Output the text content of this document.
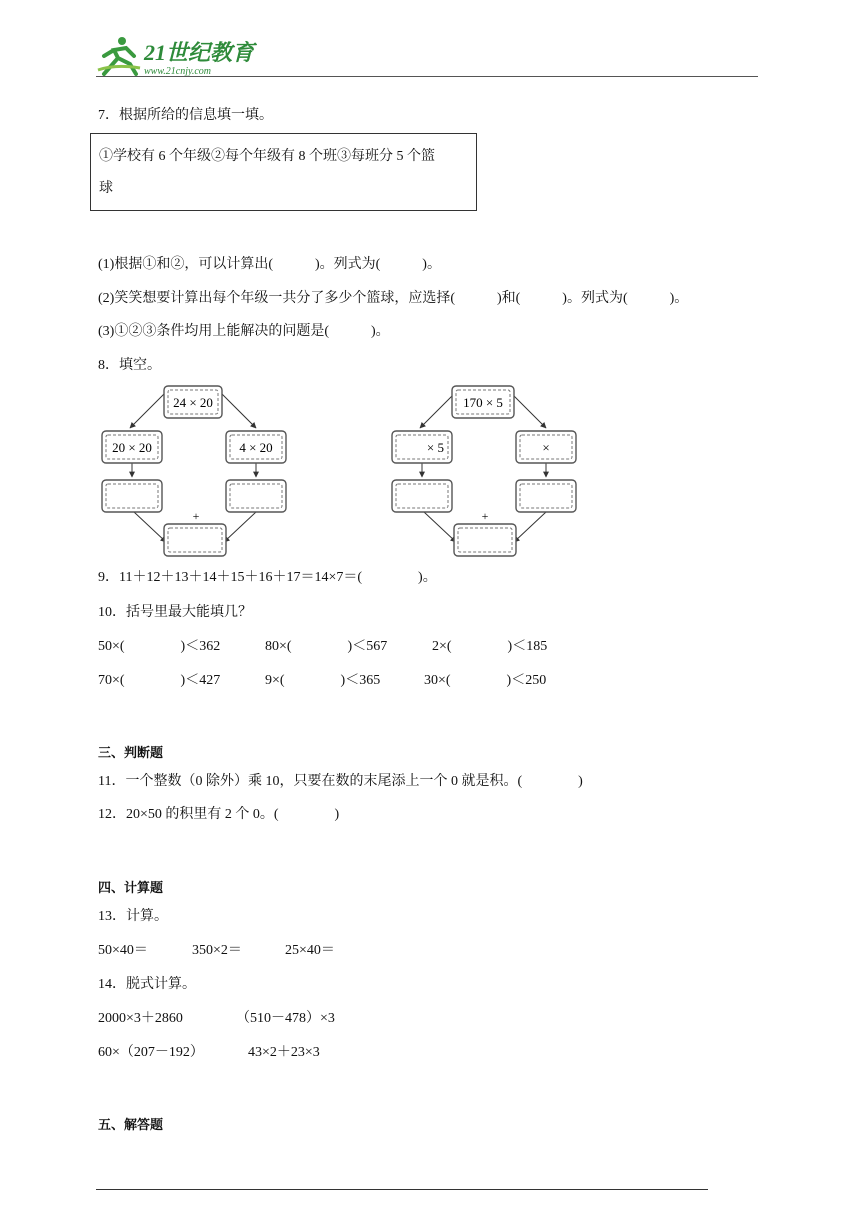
21世纪教育
www.21cnjy.com
7．根据所给的信息填一填。
①学校有 6 个年级②每个年级有 8 个班③每班分 5 个篮
球
(1)根据①和②，可以计算出(　　　)。列式为(　　　)。
(2)笑笑想要计算出每个年级一共分了多少个篮球，应选择(　　　)和(　　　)。列式为(　　　)。
(3)①②③条件均用上能解决的问题是(　　　)。
8．填空。
24 × 20
20 × 20	4 × 20
+
170 × 5
× 5	×
+
9．11＋12＋13＋14＋15＋16＋17＝14×7＝(　　　　)。
10．括号里最大能填几？
50×(　　　　)＜362	80×(　　　　)＜567	2×(　　　　)＜185
70×(　　　　)＜427	9×(　　　　)＜365	30×(　　　　)＜250
三、判断题
11．一个整数（0 除外）乘 10，只要在数的末尾添上一个 0 就是积。(　　　　)
12．20×50 的积里有 2 个 0。(　　　　)
四、计算题
13．计算。
50×40＝	350×2＝	25×40＝
14．脱式计算。
2000×3＋2860	（510－478）×3
60×（207－192）	43×2＋23×3
五、解答题
